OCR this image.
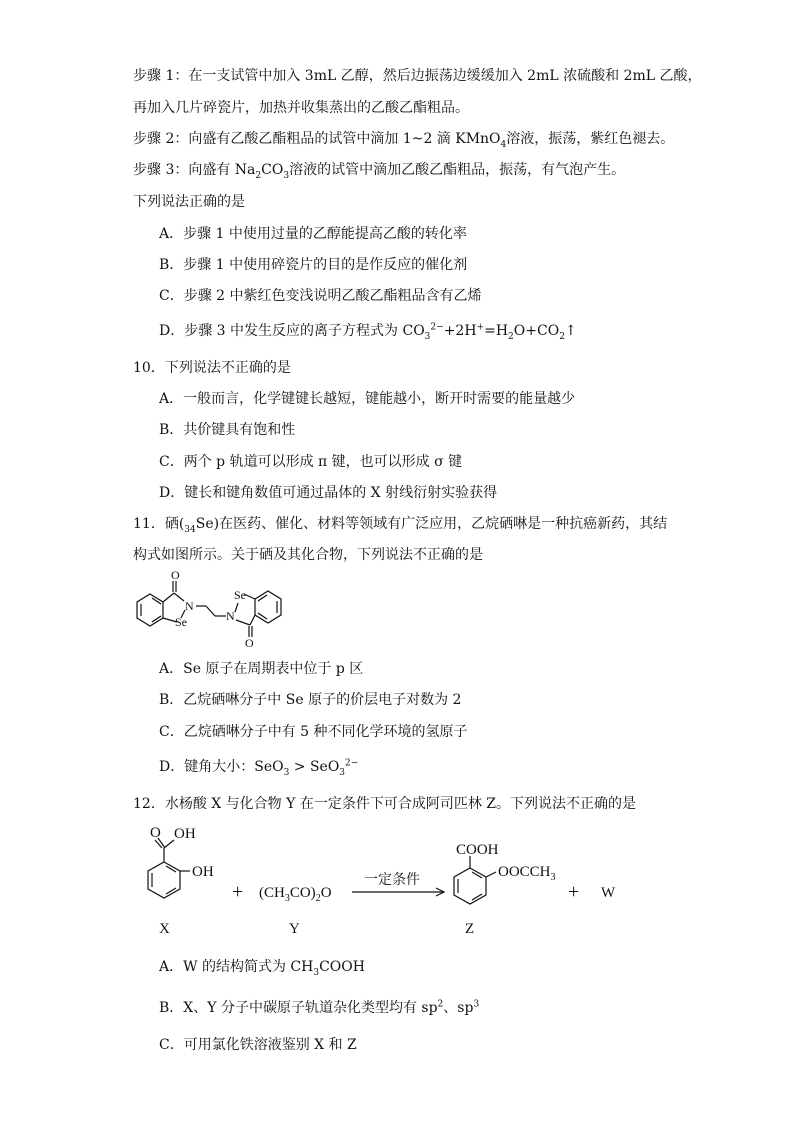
步骤 1：在一支试管中加入 3mL 乙醇，然后边振荡边缓缓加入 2mL 浓硫酸和 2mL 乙酸，
再加入几片碎瓷片，加热并收集蒸出的乙酸乙酯粗品。
步骤 2：向盛有乙酸乙酯粗品的试管中滴加 1~2 滴 KMnO$_4$溶液，振荡，紫红色褪去。
步骤 3：向盛有 $Na_2CO_3$溶液的试管中滴加乙酸乙酯粗品，振荡，有气泡产生。
下列说法正确的是
A．步骤 1 中使用过量的乙醇能提高乙酸的转化率
B．步骤 1 中使用碎瓷片的目的是作反应的催化剂
C．步骤 2 中紫红色变浅说明乙酸乙酯粗品含有乙烯
D．步骤 3 中发生反应的离子方程式为 $CO_3^{2-}+2H^+=H_2O+CO_2↑$
10．下列说法不正确的是
A．一般而言，化学键键长越短，键能越小，断开时需要的能量越少
B．共价键具有饱和性
C．两个 p 轨道可以形成 π 键，也可以形成 σ 键
D．键长和键角数值可通过晶体的 X 射线衍射实验获得
11．硒$(_{34}Se)$在医药、催化、材料等领域有广泛应用，乙烷硒啉是一种抗癌新药，其结
构式如图所示。关于硒及其化合物，下列说法不正确的是
O
N
Se
Se
N
O
A．Se 原子在周期表中位于 p 区
B．乙烷硒啉分子中 Se 原子的价层电子对数为 2
C．乙烷硒啉分子中有 5 种不同化学环境的氢原子
D．键角大小：SeO$_3$ > SeO$_3^{2-}$
12．水杨酸 X 与化合物 Y 在一定条件下可合成阿司匹林 Z。下列说法不正确的是
O OH
OH
X
+ $(CH_3CO)_2O$
Y
一定条件
COOH
$OOCCH_3$
Z
+ W
A．W 的结构简式为 $CH_3COOH$
B．X、Y 分子中碳原子轨道杂化类型均有 $sp^2$、$sp^3$
C．可用氯化铁溶液鉴别 X 和 Z
